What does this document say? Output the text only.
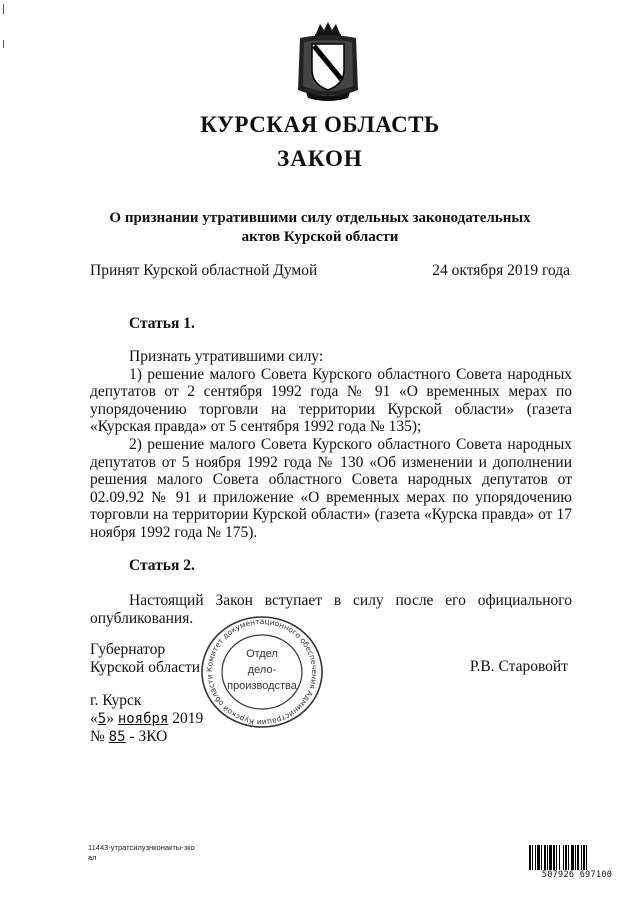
КУРСКАЯ ОБЛАСТЬ
ЗАКОН
О признании утратившими силу отдельных законодательных
актов Курской области
Принят Курской областной Думой	24 октября 2019 года
Статья 1.

Признать утратившими силу:

1) решение малого Совета Курского областного Совета народных депутатов от 2 сентября 1992 года № 91 «О временных мерах по упорядочению торговли на территории Курской области» (газета «Курская правда» от 5 сентября 1992 года № 135);

2) решение малого Совета Курского областного Совета народных депутатов от 5 ноября 1992 года № 130 «Об изменении и дополнении решения малого Совета областного Совета народных депутатов от 02.09.92 № 91 и приложение «О временных мерах по упорядочению торговли на территории Курской области» (газета «Курска правда» от 17 ноября 1992 года № 175).

Статья 2.

Настоящий Закон вступает в силу после его официального опубликования.

Губернатор
Курской области	Р.В. Старовойт
г. Курск
«5» ноября 2019
№ 85 - ЗКО
Комитет документационного обеспечения Администрации Курской области
Отдел
дело-
производства
11443-утратсилузнконакты-зко
ал
507926 697100
